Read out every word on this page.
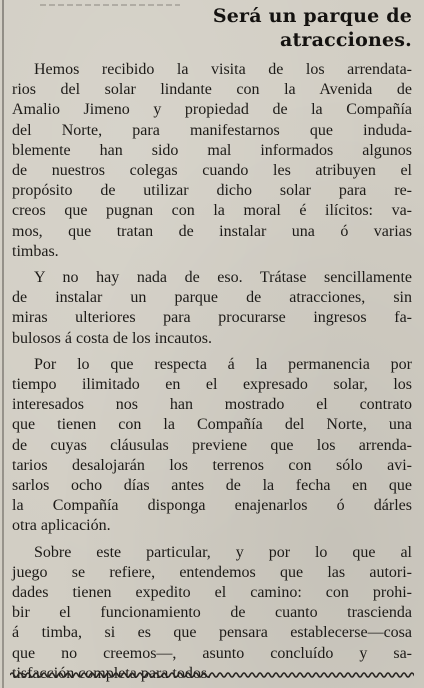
Será un parque de
atracciones.

Hemos recibido la visita de los arrendata-
rios del solar lindante con la Avenida de
Amalio Jimeno y propiedad de la Compañía
del Norte, para manifestarnos que induda-
blemente han sido mal informados algunos
de nuestros colegas cuando les atribuyen el
propósito de utilizar dicho solar para re-
creos que pugnan con la moral é ilícitos: va-
mos, que tratan de instalar una ó varias
timbas.

Y no hay nada de eso. Trátase sencillamente
de instalar un parque de atracciones, sin
miras ulteriores para procurarse ingresos fa-
bulosos á costa de los incautos.

Por lo que respecta á la permanencia por
tiempo ilimitado en el expresado solar, los
interesados nos han mostrado el contrato
que tienen con la Compañía del Norte, una
de cuyas cláusulas previene que los arrenda-
tarios desalojarán los terrenos con sólo avi-
sarlos ocho días antes de la fecha en que
la Compañía disponga enajenarlos ó dárles
otra aplicación.

Sobre este particular, y por lo que al
juego se refiere, entendemos que las autori-
dades tienen expedito el camino: con prohi-
bir el funcionamiento de cuanto trascienda
á timba, si es que pensara establecerse—cosa
que no creemos—, asunto concluído y sa-
tisfacción completa para todos.
